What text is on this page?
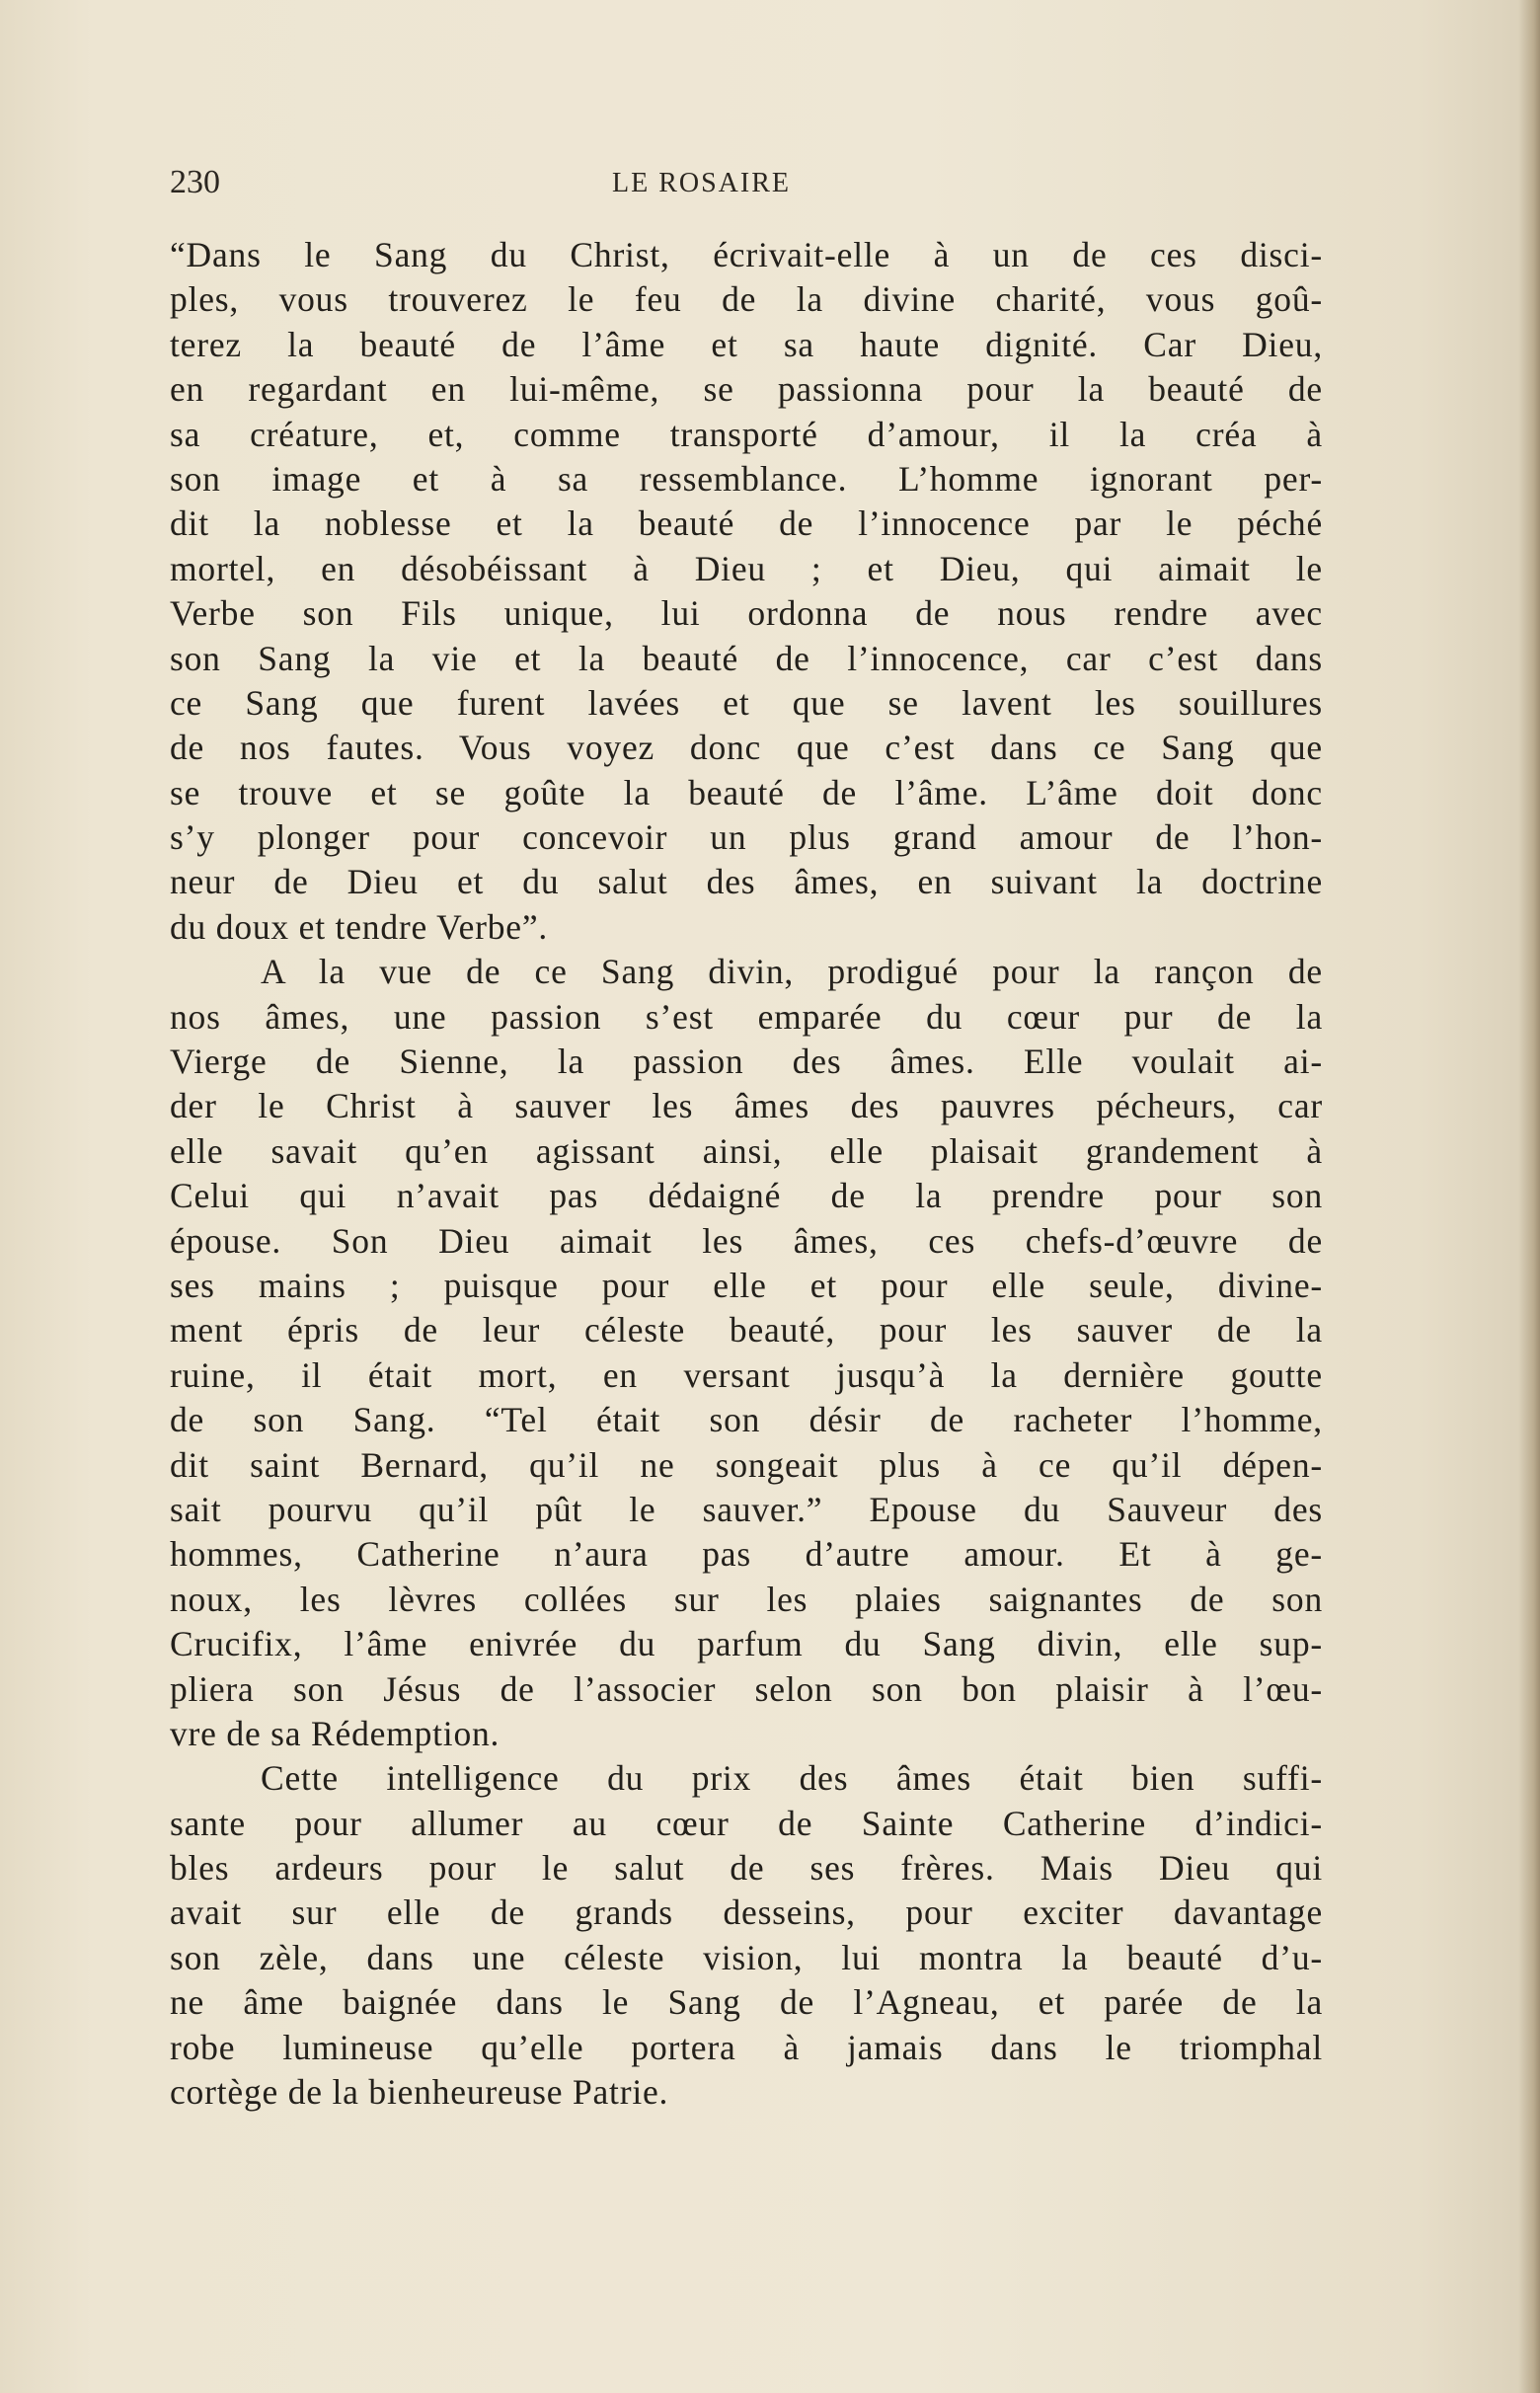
230	LE ROSAIRE
“Dans le Sang du Christ, écrivait-elle à un de ces disci-
ples, vous trouverez le feu de la divine charité, vous goû-
terez la beauté de l’âme et sa haute dignité. Car Dieu,
en regardant en lui-même, se passionna pour la beauté de
sa créature, et, comme transporté d’amour, il la créa à
son image et à sa ressemblance. L’homme ignorant per-
dit la noblesse et la beauté de l’innocence par le péché
mortel, en désobéissant à Dieu ; et Dieu, qui aimait le
Verbe son Fils unique, lui ordonna de nous rendre avec
son Sang la vie et la beauté de l’innocence, car c’est dans
ce Sang que furent lavées et que se lavent les souillures
de nos fautes. Vous voyez donc que c’est dans ce Sang que
se trouve et se goûte la beauté de l’âme. L’âme doit donc
s’y plonger pour concevoir un plus grand amour de l’hon-
neur de Dieu et du salut des âmes, en suivant la doctrine
du doux et tendre Verbe”.
A la vue de ce Sang divin, prodigué pour la rançon de
nos âmes, une passion s’est emparée du cœur pur de la
Vierge de Sienne, la passion des âmes. Elle voulait ai-
der le Christ à sauver les âmes des pauvres pécheurs, car
elle savait qu’en agissant ainsi, elle plaisait grandement à
Celui qui n’avait pas dédaigné de la prendre pour son
épouse. Son Dieu aimait les âmes, ces chefs-d’œuvre de
ses mains ; puisque pour elle et pour elle seule, divine-
ment épris de leur céleste beauté, pour les sauver de la
ruine, il était mort, en versant jusqu’à la dernière goutte
de son Sang. “Tel était son désir de racheter l’homme,
dit saint Bernard, qu’il ne songeait plus à ce qu’il dépen-
sait pourvu qu’il pût le sauver.” Epouse du Sauveur des
hommes, Catherine n’aura pas d’autre amour. Et à ge-
noux, les lèvres collées sur les plaies saignantes de son
Crucifix, l’âme enivrée du parfum du Sang divin, elle sup-
pliera son Jésus de l’associer selon son bon plaisir à l’œu-
vre de sa Rédemption.
Cette intelligence du prix des âmes était bien suffi-
sante pour allumer au cœur de Sainte Catherine d’indici-
bles ardeurs pour le salut de ses frères. Mais Dieu qui
avait sur elle de grands desseins, pour exciter davantage
son zèle, dans une céleste vision, lui montra la beauté d’u-
ne âme baignée dans le Sang de l’Agneau, et parée de la
robe lumineuse qu’elle portera à jamais dans le triomphal
cortège de la bienheureuse Patrie.
